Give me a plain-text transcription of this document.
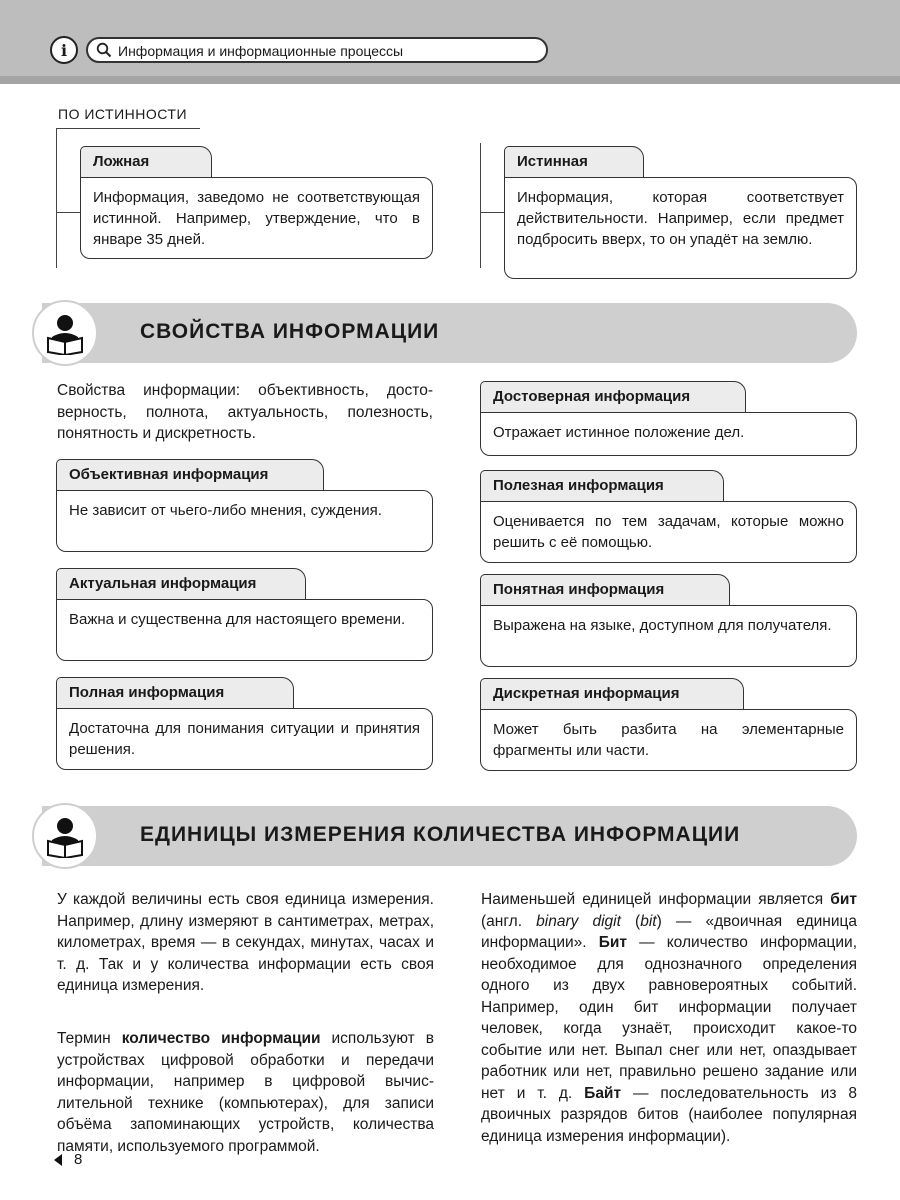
i	Информация и информационные процессы
ПО ИСТИННОСТИ
Ложная
Информация, заведомо не соответствующая истинной. Например, утверждение, что в январе 35 дней.
Истинная
Информация, которая соответствует действительности. Например, если предмет подбросить вверх, то он упадёт на землю.
СВОЙСТВА ИНФОРМАЦИИ
Свойства информации: объективность, достоверность, полнота, актуальность, полезность, понятность и дискретность.
Объективная информация
Не зависит от чьего-либо мнения, суждения.
Актуальная информация
Важна и существенна для настоящего времени.
Полная информация
Достаточна для понимания ситуации и принятия решения.
Достоверная информация
Отражает истинное положение дел.
Полезная информация
Оценивается по тем задачам, которые можно решить с её помощью.
Понятная информация
Выражена на языке, доступном для получателя.
Дискретная информация
Может быть разбита на элементарные фрагменты или части.
ЕДИНИЦЫ ИЗМЕРЕНИЯ КОЛИЧЕСТВА ИНФОРМАЦИИ
У каждой величины есть своя единица измерения. Например, длину измеряют в сантиметрах, метрах, километрах, время — в секундах, минутах, часах и т. д. Так и у количества информации есть своя единица измерения.
Термин количество информации используют в устройствах цифровой обработки и передачи информации, например в цифровой вычислительной технике (компьютерах), для записи объёма запоминающих устройств, количества памяти, используемого программой.
Наименьшей единицей информации является бит (англ. binary digit (bit) — «двоичная единица информации». Бит — количество информации, необходимое для однозначного определения одного из двух равновероятных событий. Например, один бит информации получает человек, когда узнаёт, происходит какое-то событие или нет. Выпал снег или нет, опаздывает работник или нет, правильно решено задание или нет и т. д. Байт — последовательность из 8 двоичных разрядов битов (наиболее популярная единица измерения информации).
8
